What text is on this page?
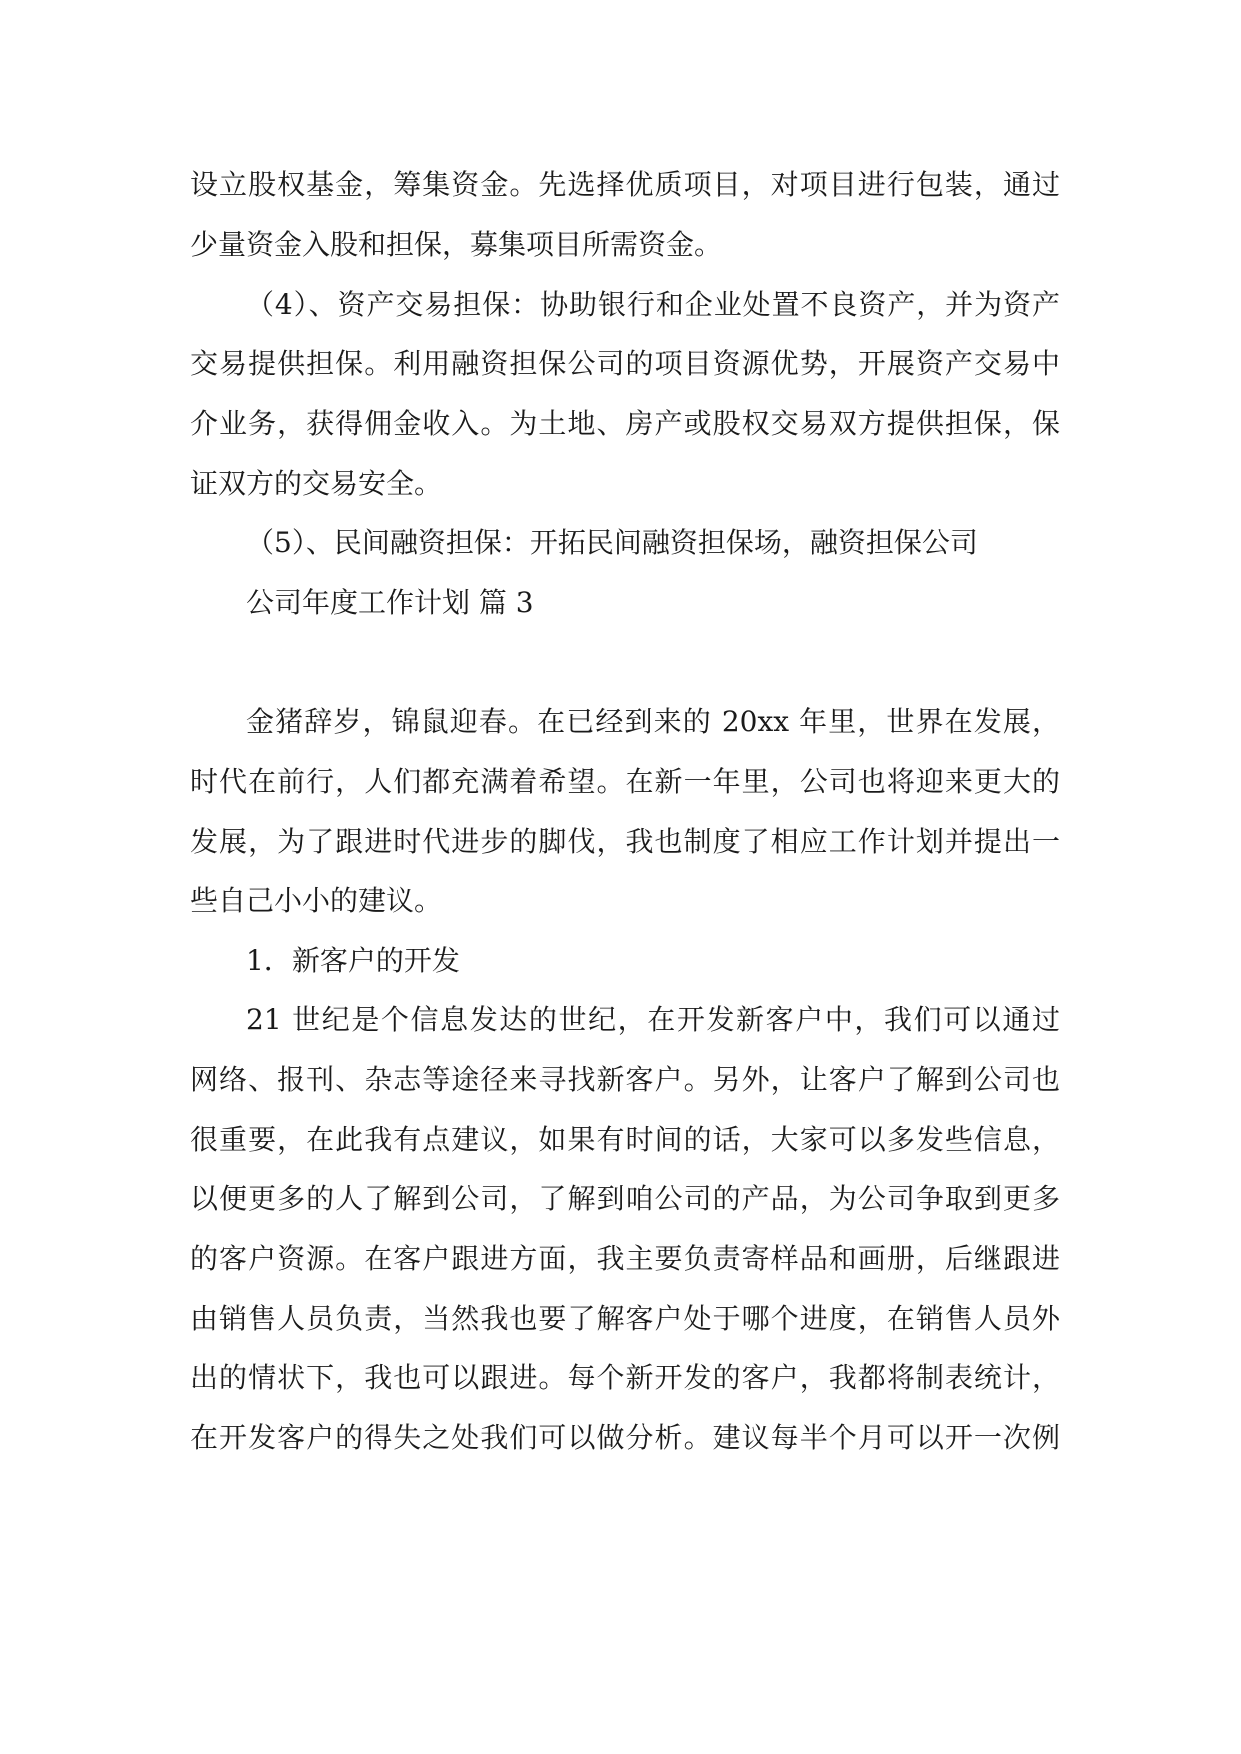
设立股权基金，筹集资金。先选择优质项目，对项目进行包装，通过
少量资金入股和担保，募集项目所需资金。
（4）、资产交易担保：协助银行和企业处置不良资产，并为资产
交易提供担保。利用融资担保公司的项目资源优势，开展资产交易中
介业务，获得佣金收入。为土地、房产或股权交易双方提供担保，保
证双方的交易安全。
（5）、民间融资担保：开拓民间融资担保场，融资担保公司
公司年度工作计划 篇 3
金猪辞岁，锦鼠迎春。在已经到来的 20xx 年里，世界在发展，
时代在前行，人们都充满着希望。在新一年里，公司也将迎来更大的
发展，为了跟进时代进步的脚伐，我也制度了相应工作计划并提出一
些自己小小的建议。
1．新客户的开发
21 世纪是个信息发达的世纪，在开发新客户中，我们可以通过
网络、报刊、杂志等途径来寻找新客户。另外，让客户了解到公司也
很重要，在此我有点建议，如果有时间的话，大家可以多发些信息，
以便更多的人了解到公司，了解到咱公司的产品，为公司争取到更多
的客户资源。在客户跟进方面，我主要负责寄样品和画册，后继跟进
由销售人员负责，当然我也要了解客户处于哪个进度，在销售人员外
出的情状下，我也可以跟进。每个新开发的客户，我都将制表统计，
在开发客户的得失之处我们可以做分析。建议每半个月可以开一次例
